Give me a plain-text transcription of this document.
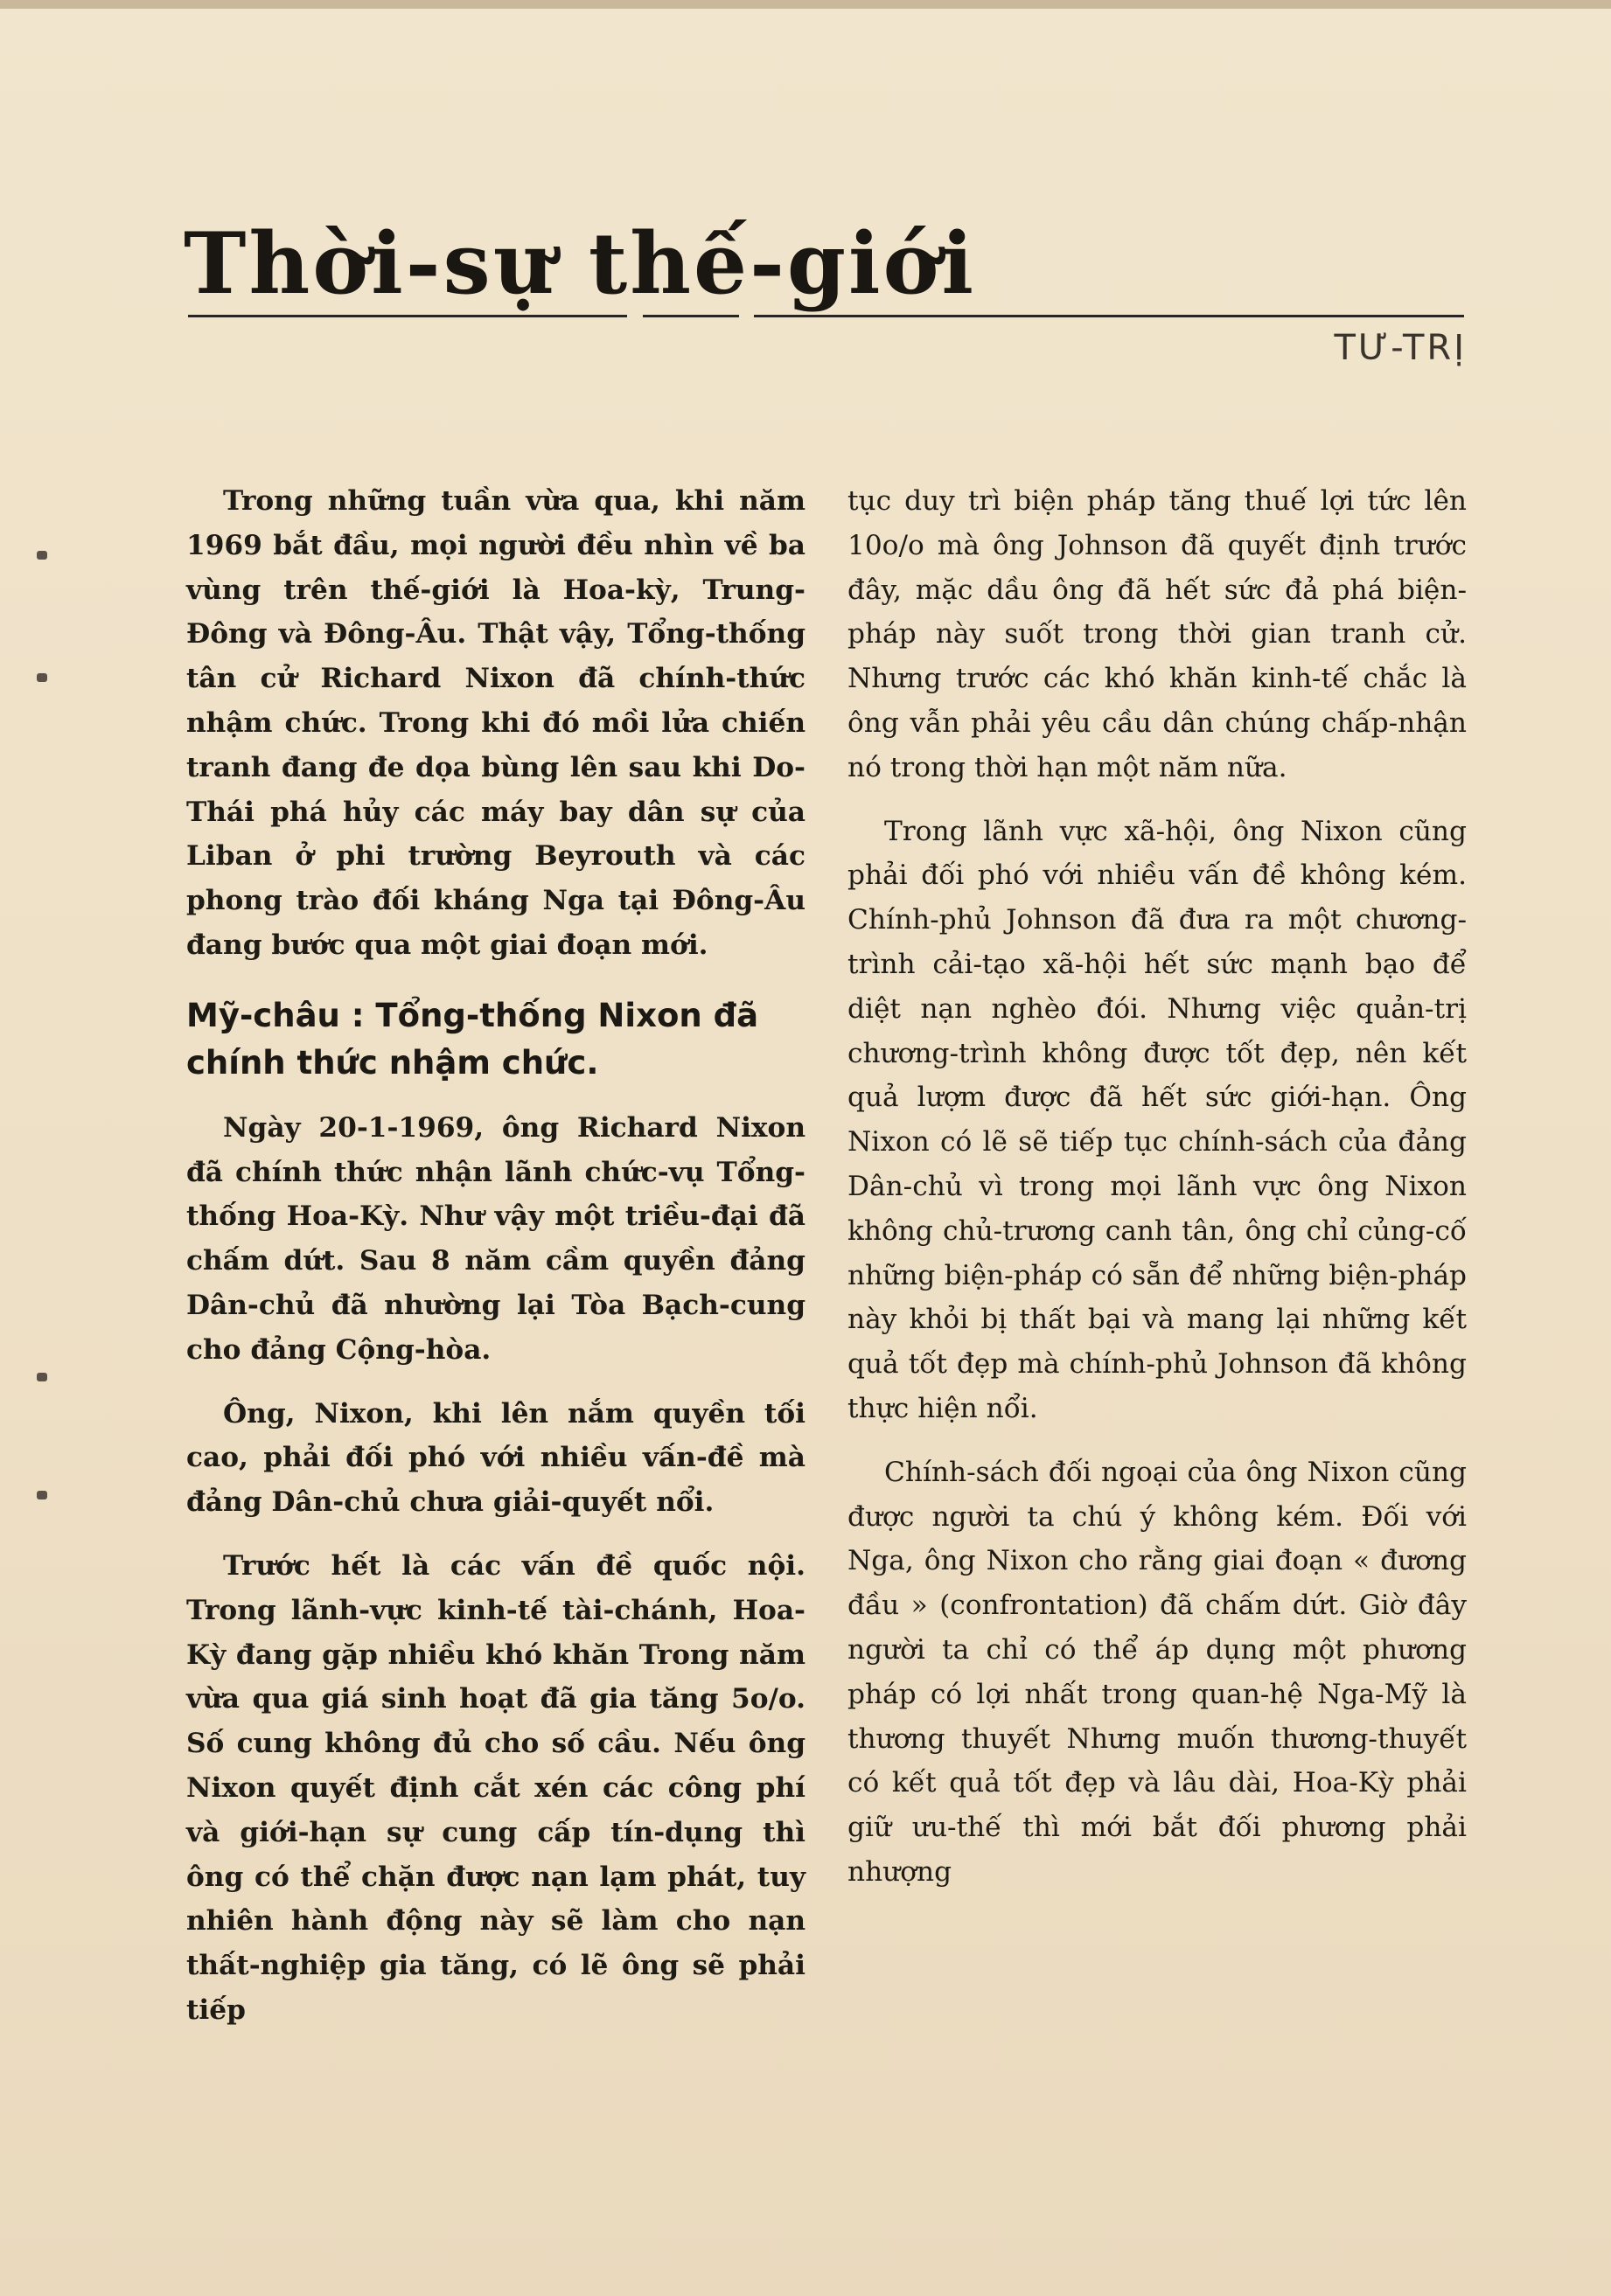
Thời-sự thế-giới
TƯ-TRỊ

Trong những tuần vừa qua, khi năm 1969 bắt đầu, mọi người đều nhìn về ba vùng trên thế-giới là Hoa-kỳ, Trung-Đông và Đông-Âu. Thật vậy, Tổng-thống tân cử Richard Nixon đã chính-thức nhậm chức. Trong khi đó mồi lửa chiến tranh đang đe dọa bùng lên sau khi Do-Thái phá hủy các máy bay dân sự của Liban ở phi trường Beyrouth và các phong trào đối kháng Nga tại Đông-Âu đang bước qua một giai đoạn mới.

Mỹ-châu : Tổng-thống Nixon đã chính thức nhậm chức.

Ngày 20-1-1969, ông Richard Nixon đã chính thức nhận lãnh chức-vụ Tổng-thống Hoa-Kỳ. Như vậy một triều-đại đã chấm dứt. Sau 8 năm cầm quyền đảng Dân-chủ đã nhường lại Tòa Bạch-cung cho đảng Cộng-hòa.

Ông, Nixon, khi lên nắm quyền tối cao, phải đối phó với nhiều vấn-đề mà đảng Dân-chủ chưa giải-quyết nổi.

Trước hết là các vấn đề quốc nội. Trong lãnh-vực kinh-tế tài-chánh, Hoa-Kỳ đang gặp nhiều khó khăn Trong năm vừa qua giá sinh hoạt đã gia tăng 5o/o. Số cung không đủ cho số cầu. Nếu ông Nixon quyết định cắt xén các công phí và giới-hạn sự cung cấp tín-dụng thì ông có thể chặn được nạn lạm phát, tuy nhiên hành động này sẽ làm cho nạn thất-nghiệp gia tăng, có lẽ ông sẽ phải tiếp

tục duy trì biện pháp tăng thuế lợi tức lên 10o/o mà ông Johnson đã quyết định trước đây, mặc dầu ông đã hết sức đả phá biện-pháp này suốt trong thời gian tranh cử. Nhưng trước các khó khăn kinh-tế chắc là ông vẫn phải yêu cầu dân chúng chấp-nhận nó trong thời hạn một năm nữa.

Trong lãnh vực xã-hội, ông Nixon cũng phải đối phó với nhiều vấn đề không kém. Chính-phủ Johnson đã đưa ra một chương-trình cải-tạo xã-hội hết sức mạnh bạo để diệt nạn nghèo đói. Nhưng việc quản-trị chương-trình không được tốt đẹp, nên kết quả lượm được đã hết sức giới-hạn. Ông Nixon có lẽ sẽ tiếp tục chính-sách của đảng Dân-chủ vì trong mọi lãnh vực ông Nixon không chủ-trương canh tân, ông chỉ củng-cố những biện-pháp có sẵn để những biện-pháp này khỏi bị thất bại và mang lại những kết quả tốt đẹp mà chính-phủ Johnson đã không thực hiện nổi.

Chính-sách đối ngoại của ông Nixon cũng được người ta chú ý không kém. Đối với Nga, ông Nixon cho rằng giai đoạn « đương đầu » (confrontation) đã chấm dứt. Giờ đây người ta chỉ có thể áp dụng một phương pháp có lợi nhất trong quan-hệ Nga-Mỹ là thương thuyết Nhưng muốn thương-thuyết có kết quả tốt đẹp và lâu dài, Hoa-Kỳ phải giữ ưu-thế thì mới bắt đối phương phải nhượng
